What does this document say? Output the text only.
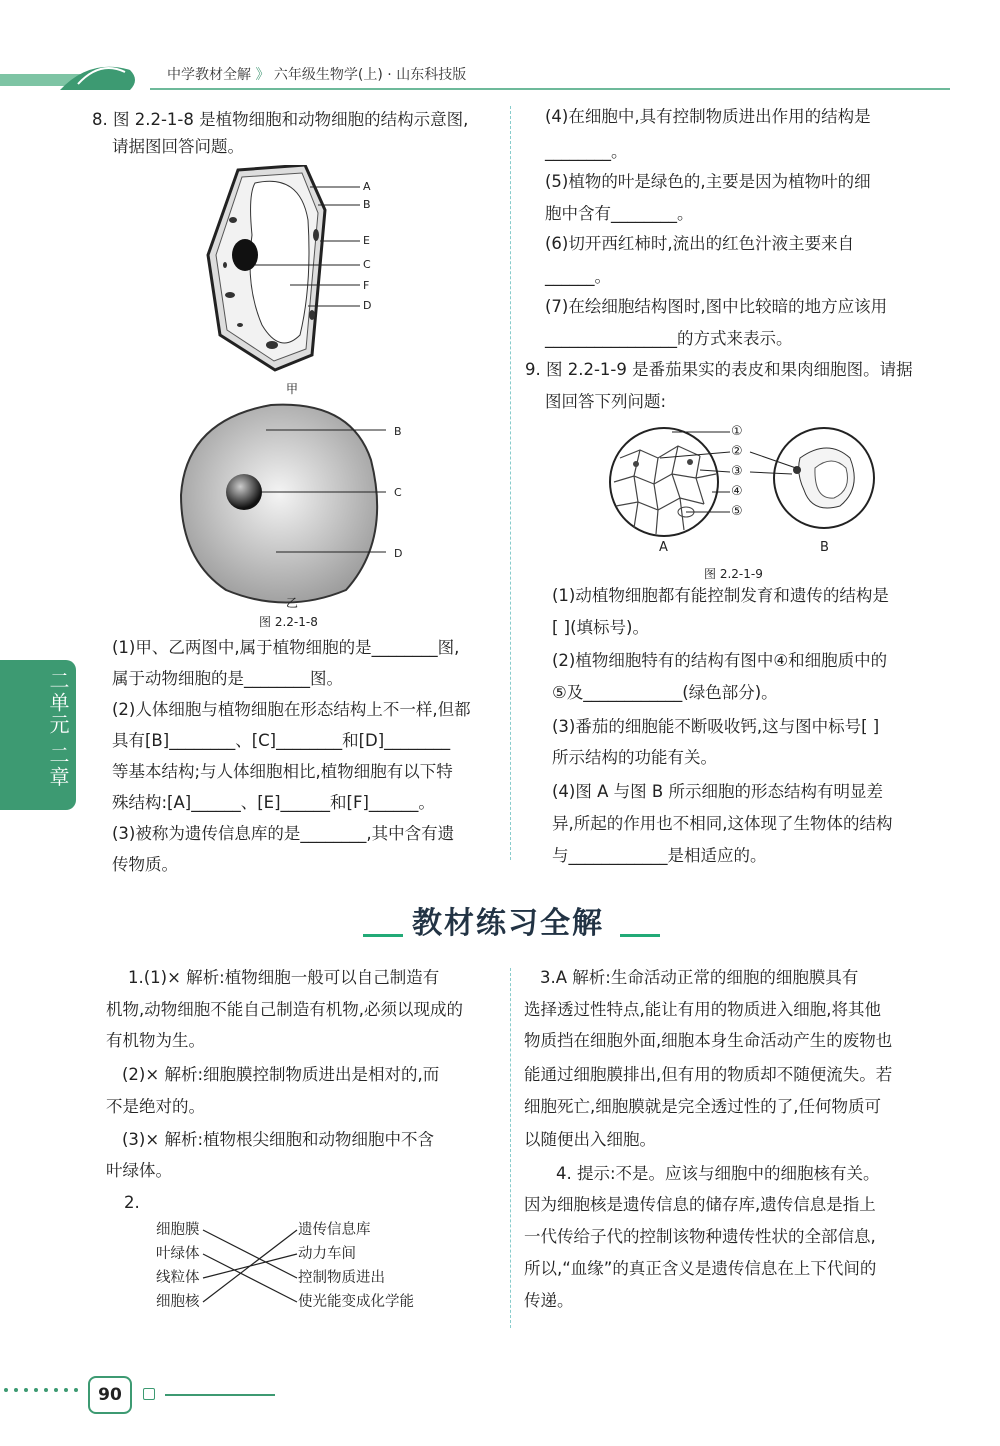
中学教材全解 》 六年级生物学(上) · 山东科技版
二单元 二章
8. 图 2.2-1-8 是植物细胞和动物细胞的结构示意图,
请据图回答问题。
A
B
E
C
F
D
甲
B
C
D
乙
图 2.2-1-8
(1)甲、乙两图中,属于植物细胞的是________图,
属于动物细胞的是________图。
(2)人体细胞与植物细胞在形态结构上不一样,但都
具有[B]________、[C]________和[D]________
等基本结构;与人体细胞相比,植物细胞有以下特
殊结构:[A]______、[E]______和[F]______。
(3)被称为遗传信息库的是________,其中含有遗
传物质。
(4)在细胞中,具有控制物质进出作用的结构是
________。
(5)植物的叶是绿色的,主要是因为植物叶的细
胞中含有________。
(6)切开西红柿时,流出的红色汁液主要来自
______。
(7)在绘细胞结构图时,图中比较暗的地方应该用
________________的方式来表示。
9. 图 2.2-1-9 是番茄果实的表皮和果肉细胞图。请据
图回答下列问题:
①
②
③
④
⑤
A	B
图 2.2-1-9
(1)动植物细胞都有能控制发育和遗传的结构是
[ ](填标号)。
(2)植物细胞特有的结构有图中④和细胞质中的
⑤及____________(绿色部分)。
(3)番茄的细胞能不断吸收钙,这与图中标号[ ]
所示结构的功能有关。
(4)图 A 与图 B 所示细胞的形态结构有明显差
异,所起的作用也不相同,这体现了生物体的结构
与____________是相适应的。
教材练习全解
1.(1)× 解析:植物细胞一般可以自己制造有
机物,动物细胞不能自己制造有机物,必须以现成的
有机物为生。
(2)× 解析:细胞膜控制物质进出是相对的,而
不是绝对的。
(3)× 解析:植物根尖细胞和动物细胞中不含
叶绿体。
2.
细胞膜
叶绿体
线粒体
细胞核
遗传信息库
动力车间
控制物质进出
使光能变成化学能
3.A 解析:生命活动正常的细胞的细胞膜具有
选择透过性特点,能让有用的物质进入细胞,将其他
物质挡在细胞外面,细胞本身生命活动产生的废物也
能通过细胞膜排出,但有用的物质却不随便流失。若
细胞死亡,细胞膜就是完全透过性的了,任何物质可
以随便出入细胞。
4. 提示:不是。应该与细胞中的细胞核有关。
因为细胞核是遗传信息的储存库,遗传信息是指上
一代传给子代的控制该物种遗传性状的全部信息,
所以,“血缘”的真正含义是遗传信息在上下代间的
传递。
90
